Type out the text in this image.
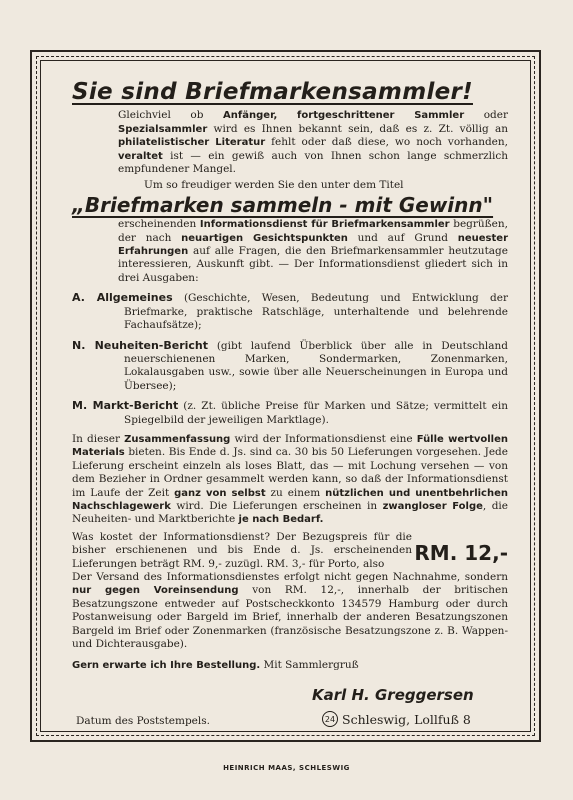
Sie sind Briefmarkensammler!

Gleichviel ob Anfänger, fortgeschrittener Sammler oder Spezialsammler wird es Ihnen bekannt sein, daß es z. Zt. völlig an philatelistischer Literatur fehlt oder daß diese, wo noch vorhanden, veraltet ist — ein gewiß auch von Ihnen schon lange schmerzlich empfundener Mangel.

Um so freudiger werden Sie den unter dem Titel

„Briefmarken sammeln - mit Gewinn"

erscheinenden Informationsdienst für Briefmarkensammler begrüßen, der nach neuartigen Gesichtspunkten und auf Grund neuester Erfahrungen auf alle Fragen, die den Briefmarkensammler heutzutage interessieren, Auskunft gibt. — Der Informationsdienst gliedert sich in drei Ausgaben:

A. Allgemeines (Geschichte, Wesen, Bedeutung und Entwicklung der Briefmarke, praktische Ratschläge, unterhaltende und belehrende Fachaufsätze);

N. Neuheiten-Bericht (gibt laufend Überblick über alle in Deutschland neuerschienenen Marken, Sondermarken, Zonenmarken, Lokalausgaben usw., sowie über alle Neuerscheinungen in Europa und Übersee);

M. Markt-Bericht (z. Zt. übliche Preise für Marken und Sätze; vermittelt ein Spiegelbild der jeweiligen Marktlage).

In dieser Zusammenfassung wird der Informationsdienst eine Fülle wertvollen Materials bieten. Bis Ende d. Js. sind ca. 30 bis 50 Lieferungen vorgesehen. Jede Lieferung erscheint einzeln als loses Blatt, das — mit Lochung versehen — von dem Bezieher in Ordner gesammelt werden kann, so daß der Informationsdienst im Laufe der Zeit ganz von selbst zu einem nützlichen und unentbehrlichen Nachschlagewerk wird. Die Lieferungen erscheinen in zwangloser Folge, die Neuheiten- und Marktberichte je nach Bedarf.

Was kostet der Informationsdienst? Der Bezugspreis für die bisher erschienenen und bis Ende d. Js. erscheinenden Lieferungen beträgt RM. 9,- zuzügl. RM. 3,- für Porto, also	RM. 12,-

Der Versand des Informationsdienstes erfolgt nicht gegen Nachnahme, sondern nur gegen Voreinsendung von RM. 12,-, innerhalb der britischen Besatzungszone entweder auf Postscheckkonto 134579 Hamburg oder durch Postanweisung oder Bargeld im Brief, innerhalb der anderen Besatzungszonen Bargeld im Brief oder Zonenmarken (französische Besatzungszone z. B. Wappen- und Dichterausgabe).

Gern erwarte ich Ihre Bestellung. Mit Sammlergruß

Karl H. Greggersen
24 Schleswig, Lollfuß 8
Datum des Poststempels.
HEINRICH MAAS, SCHLESWIG
